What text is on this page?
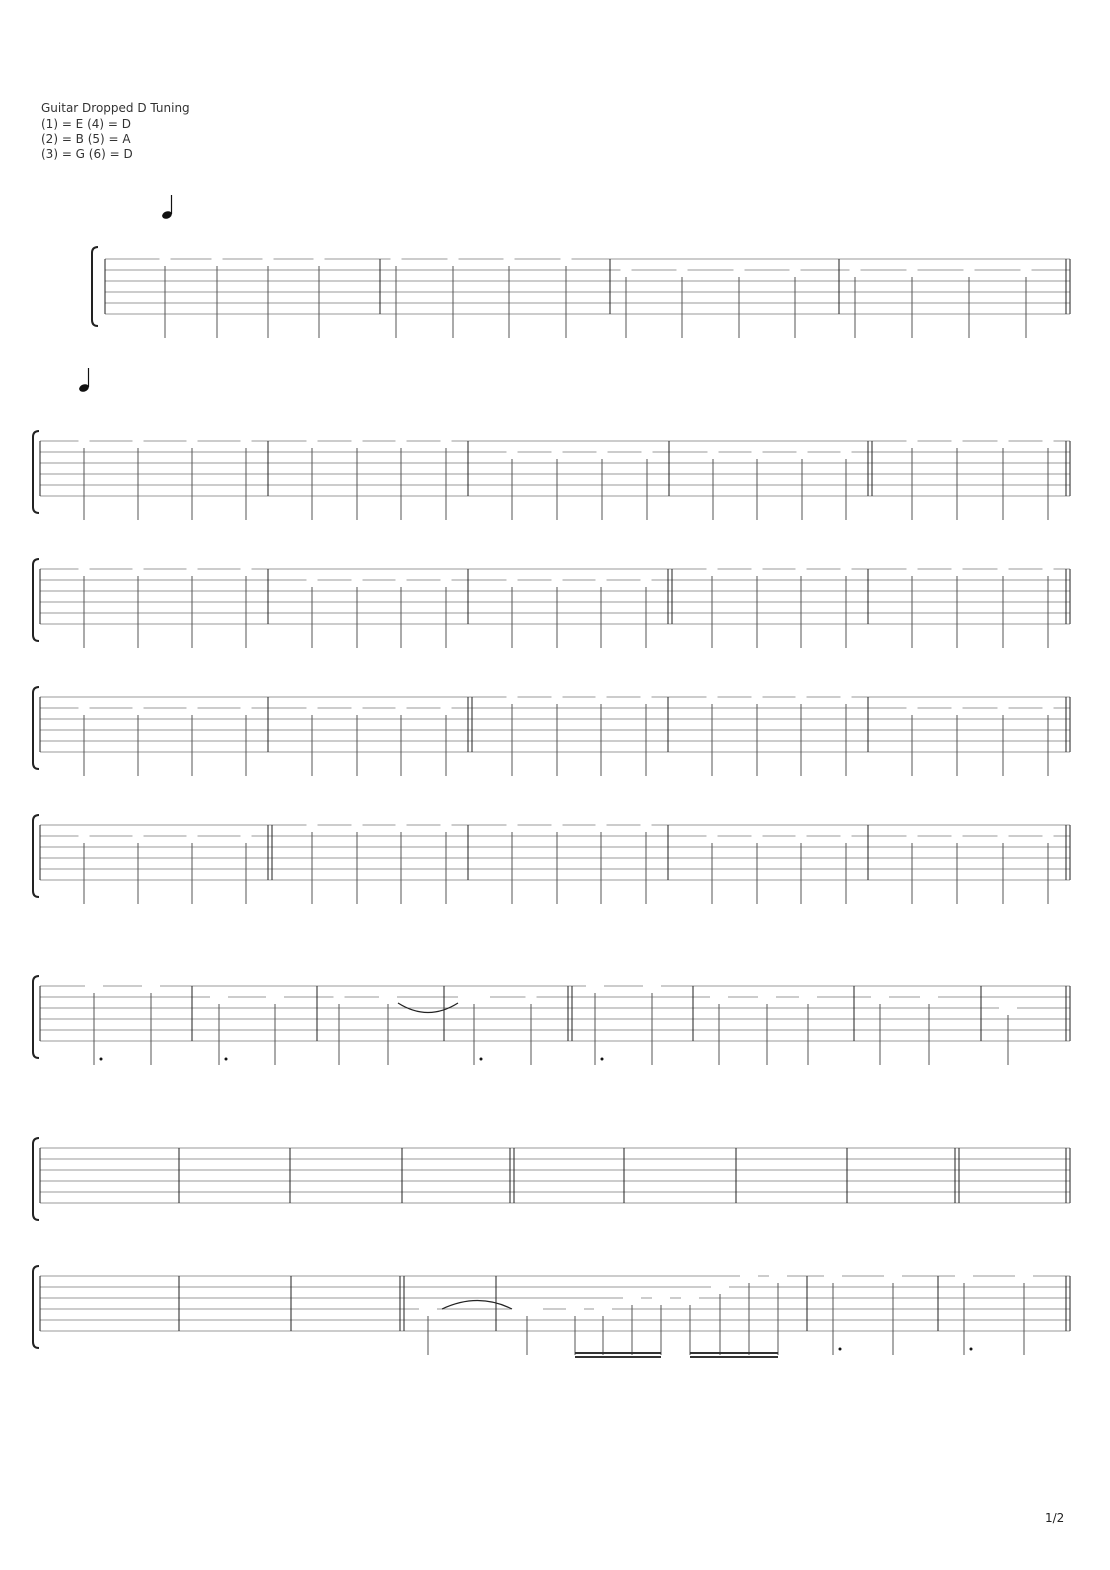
Guitar Dropped D Tuning
(1) = E (4) = D
(2) = B (5) = A
(3) = G (6) = D
1/2
